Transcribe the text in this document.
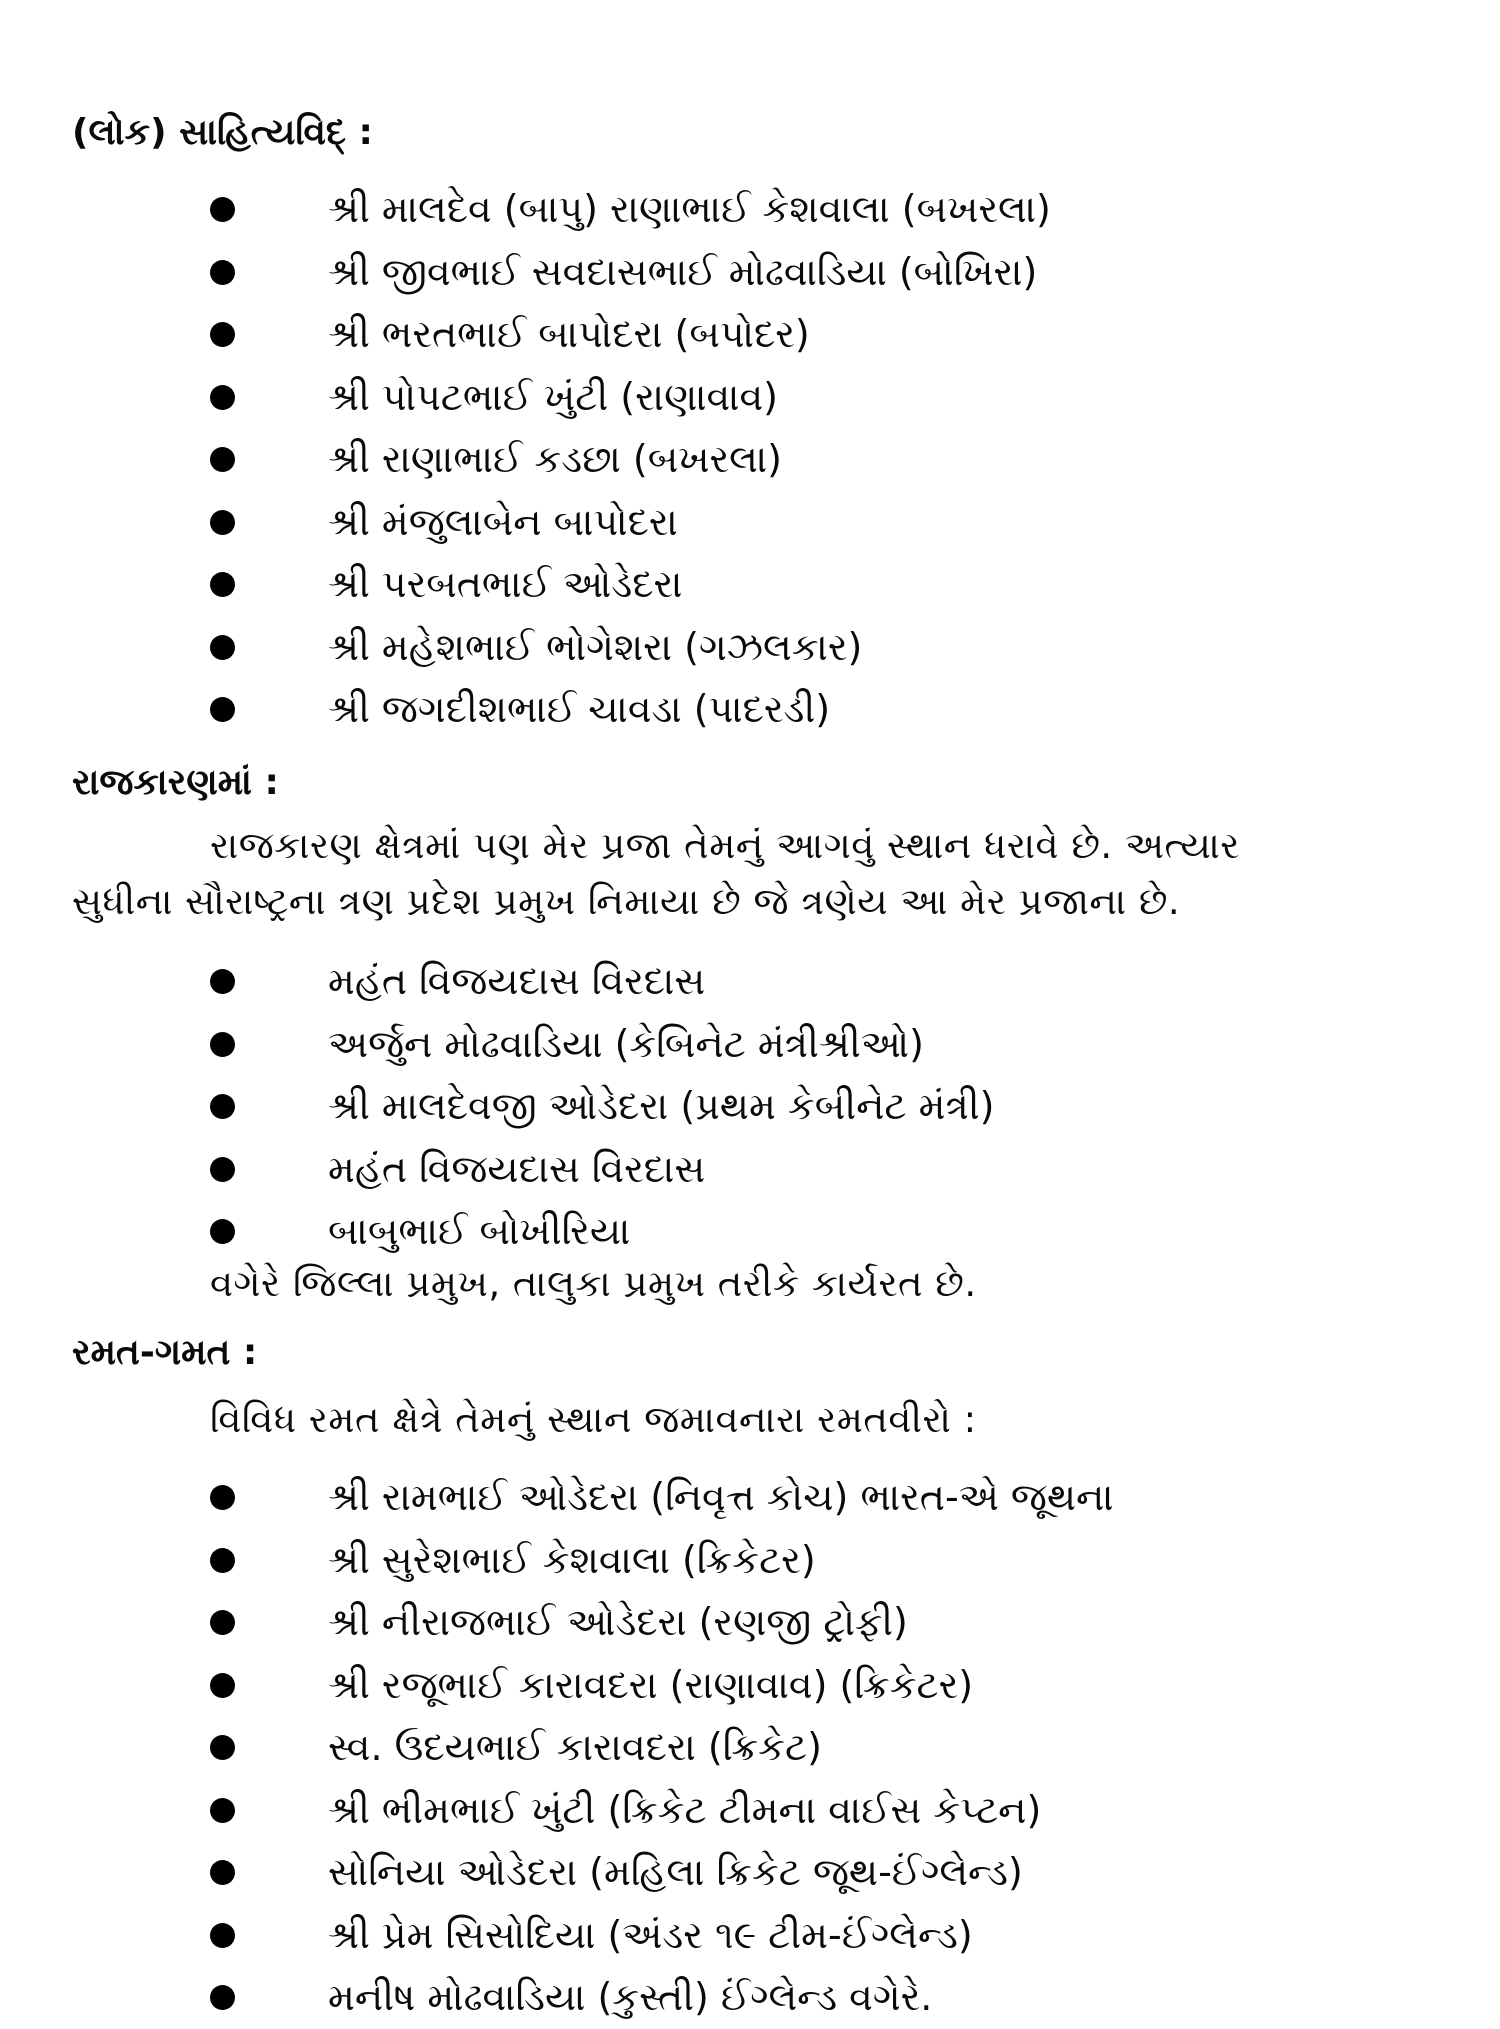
(લોક) સાહિત્યવિદ્ :
શ્રી માલદેવ (બાપુ) રાણાભાઈ કેશવાલા (બખરલા)
શ્રી જીવભાઈ સવદાસભાઈ મોઢવાડિયા (બોખિરા)
શ્રી ભરતભાઈ બાપોદરા (બપોદર)
શ્રી પોપટભાઈ ખુંટી (રાણાવાવ)
શ્રી રાણાભાઈ કડછા (બખરલા)
શ્રી મંજુલાબેન બાપોદરા
શ્રી પરબતભાઈ ઓડેદરા
શ્રી મહેશભાઈ ભોગેશરા (ગઝલકાર)
શ્રી જગદીશભાઈ ચાવડા (પાદરડી)
રાજકારણમાં :
રાજકારણ ક્ષેત્રમાં પણ મેર પ્રજા તેમનું આગવું સ્થાન ધરાવે છે. અત્યાર
સુધીના સૌરાષ્ટ્રના ત્રણ પ્રદેશ પ્રમુખ નિમાયા છે જે ત્રણેય આ મેર પ્રજાના છે.
મહંત વિજયદાસ વિરદાસ
અર્જુન મોઢવાડિયા (કેબિનેટ મંત્રીશ્રીઓ)
શ્રી માલદેવજી ઓડેદરા (પ્રથમ કેબીનેટ મંત્રી)
મહંત વિજયદાસ વિરદાસ
બાબુભાઈ બોખીરિયા
વગેરે જિલ્લા પ્રમુખ, તાલુકા પ્રમુખ તરીકે કાર્યરત છે.
રમત-ગમત :
વિવિધ રમત ક્ષેત્રે તેમનું સ્થાન જમાવનારા રમતવીરો :
શ્રી રામભાઈ ઓડેદરા (નિવૃત્ત કોચ) ભારત-એ જૂથના
શ્રી સુરેશભાઈ કેશવાલા (ક્રિકેટર)
શ્રી નીરાજભાઈ ઓડેદરા (રણજી ટ્રોફી)
શ્રી રજૂભાઈ કારાવદરા (રાણાવાવ) (ક્રિકેટર)
સ્વ. ઉદયભાઈ કારાવદરા (ક્રિકેટ)
શ્રી ભીમભાઈ ખુંટી (ક્રિકેટ ટીમના વાઈસ કેપ્ટન)
સોનિયા ઓડેદરા (મહિલા ક્રિકેટ જૂથ-ઈંગ્લેન્ડ)
શ્રી પ્રેમ સિસોદિયા (અંડર ૧૯ ટીમ-ઈંગ્લેન્ડ)
મનીષ મોઢવાડિયા (કુસ્તી) ઈંગ્લેન્ડ વગેરે.
